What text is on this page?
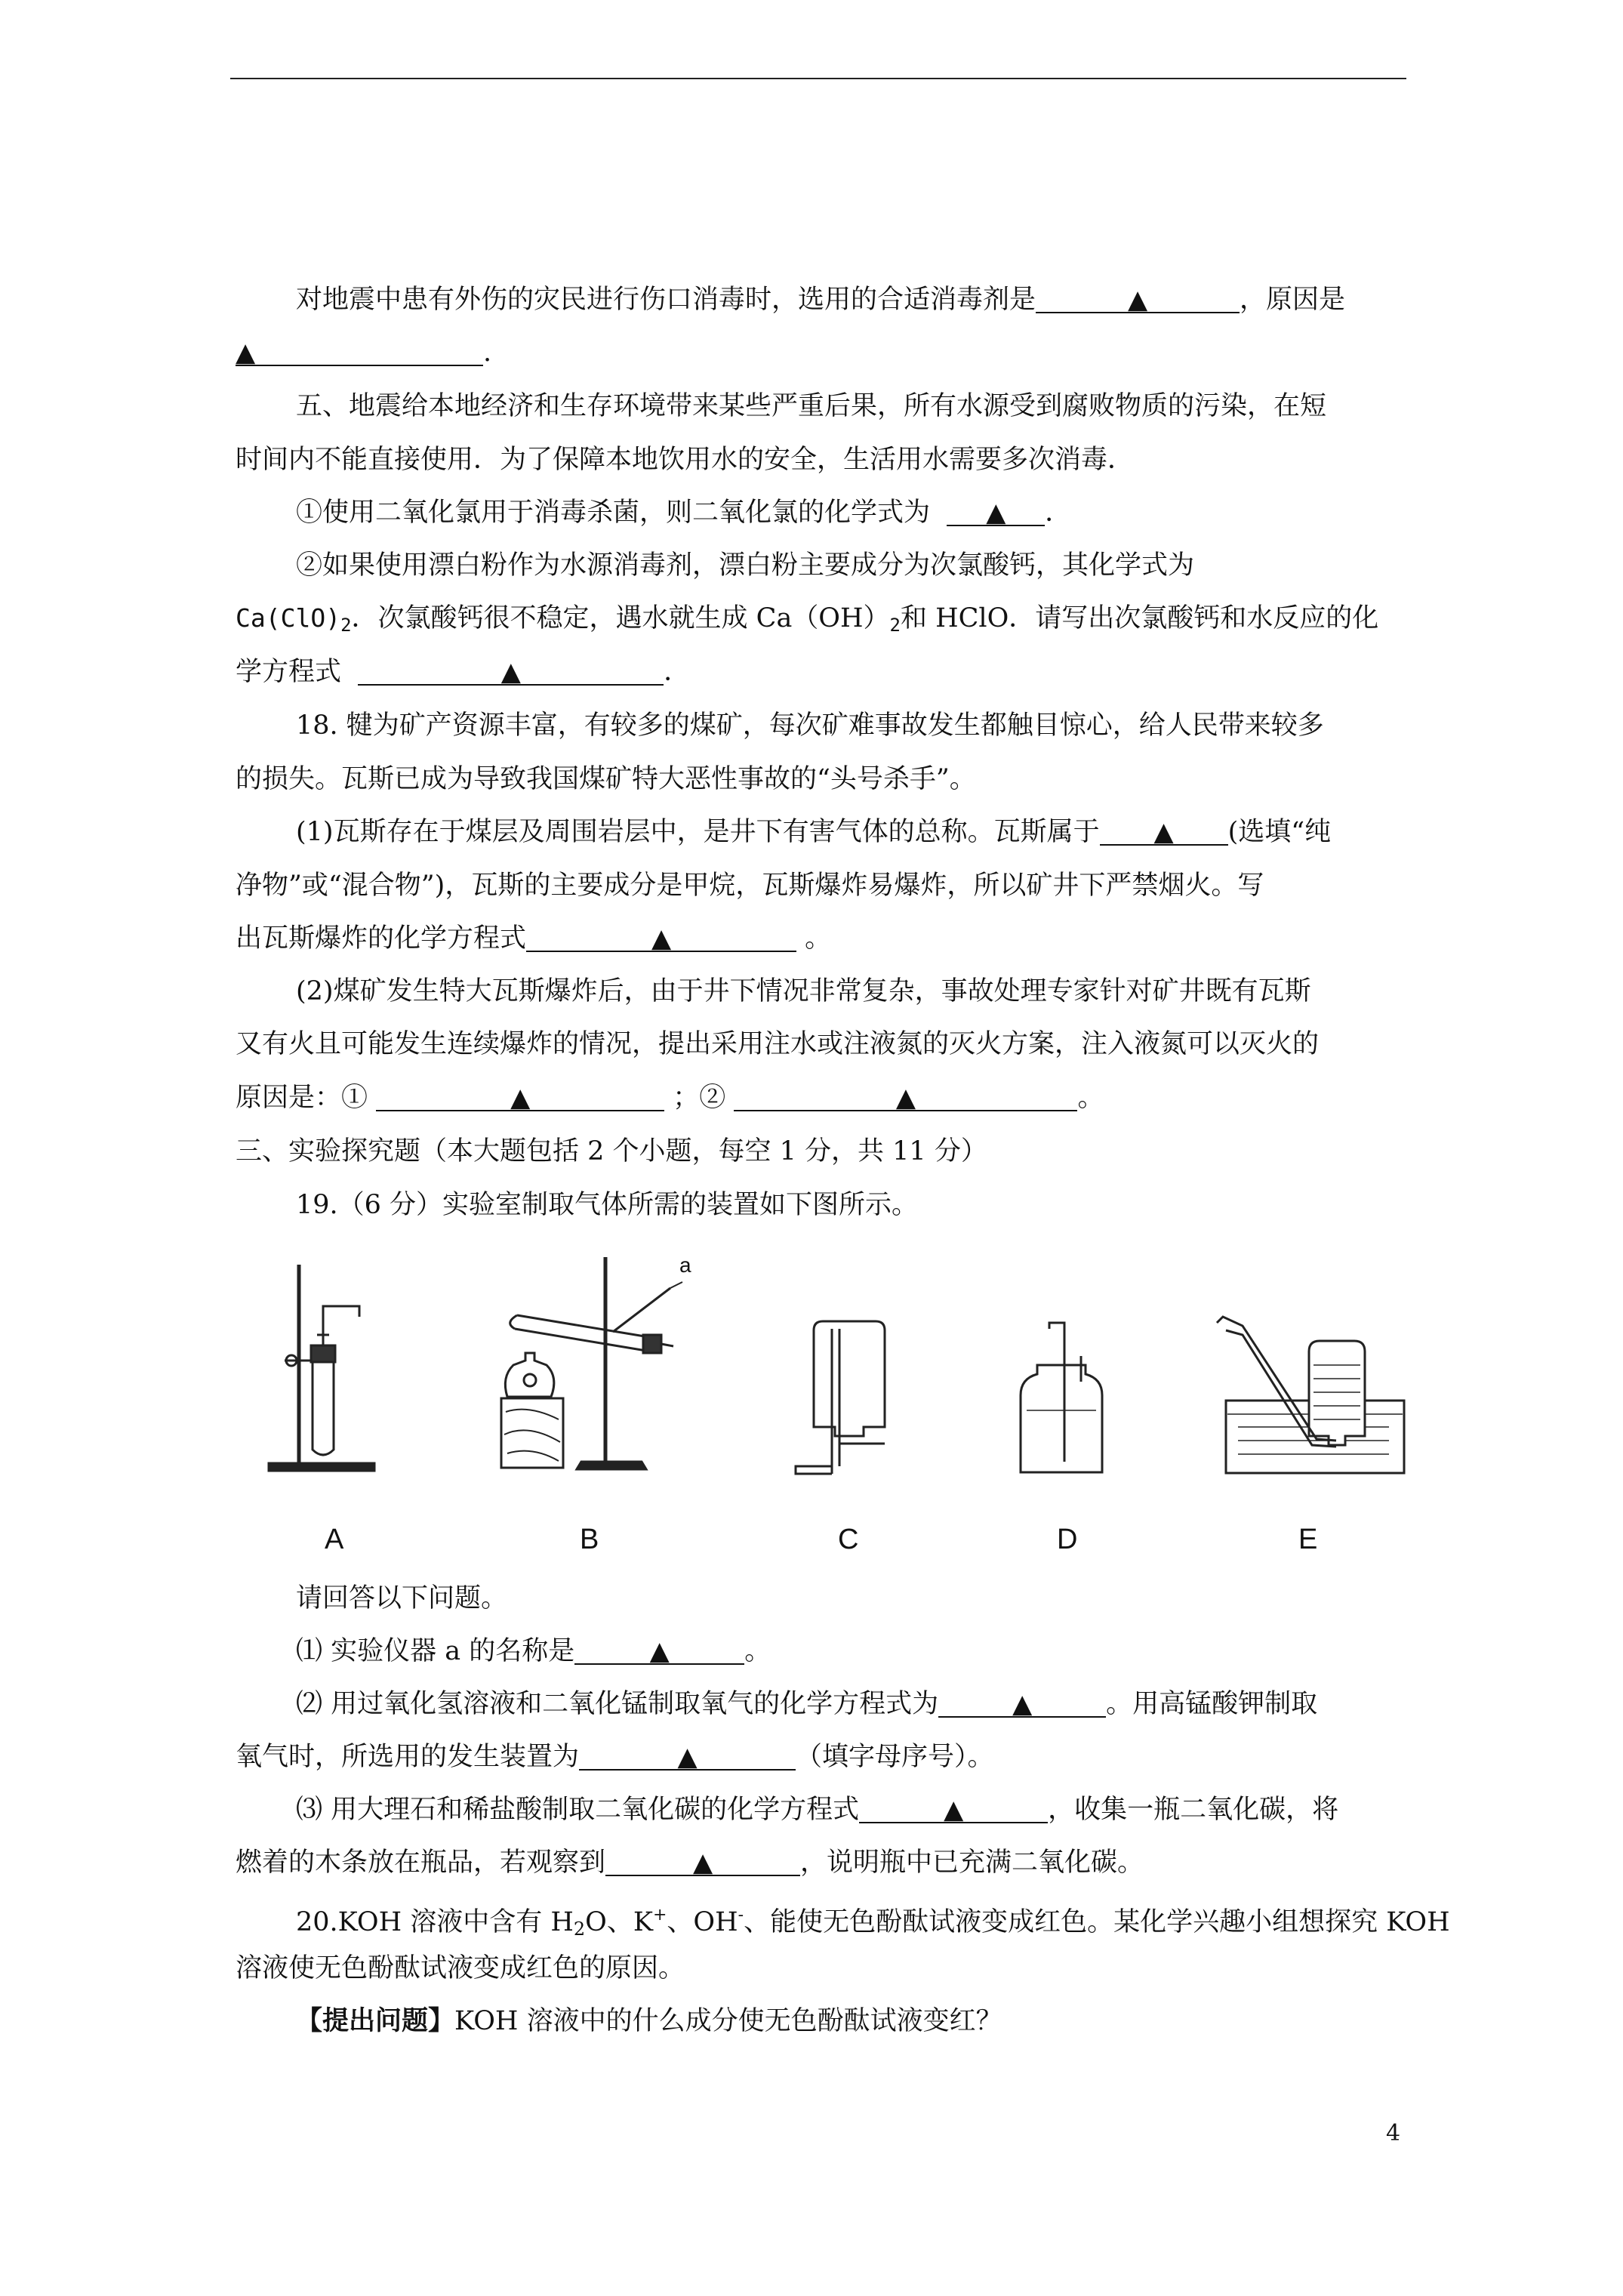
对地震中患有外伤的灾民进行伤口消毒时，选用的合适消毒剂是	▲	，原因是
▲	.
五、地震给本地经济和生存环境带来某些严重后果，所有水源受到腐败物质的污染，在短
时间内不能直接使用．为了保障本地饮用水的安全，生活用水需要多次消毒．
①使用二氧化氯用于消毒杀菌，则二氧化氯的化学式为 ▲ ．
②如果使用漂白粉作为水源消毒剂，漂白粉主要成分为次氯酸钙，其化学式为
$Ca(ClO)_2$．次氯酸钙很不稳定，遇水就生成 $Ca(OH)_2$和 HClO．请写出次氯酸钙和水反应的化
学方程式	▲	．
18. 犍为矿产资源丰富，有较多的煤矿，每次矿难事故发生都触目惊心，给人民带来较多
的损失。瓦斯已成为导致我国煤矿特大恶性事故的“头号杀手”。
(1)瓦斯存在于煤层及周围岩层中，是井下有害气体的总称。瓦斯属于 ▲ (选填“纯
净物”或“混合物”)，瓦斯的主要成分是甲烷，瓦斯爆炸易爆炸，所以矿井下严禁烟火。写
出瓦斯爆炸的化学方程式	▲	。
(2)煤矿发生特大瓦斯爆炸后，由于井下情况非常复杂，事故处理专家针对矿井既有瓦斯
又有火且可能发生连续爆炸的情况，提出采用注水或注液氮的灭火方案，注入液氮可以灭火的
原因是：①	▲	；②	▲	。
三、实验探究题（本大题包括 2 个小题，每空 1 分，共 11 分）
19.（6 分）实验室制取气体所需的装置如下图所示。
a
A	B	C	D	E
请回答以下问题。
⑴ 实验仪器 a 的名称是	▲	。
⑵ 用过氧化氢溶液和二氧化锰制取氧气的化学方程式为	▲	。用高锰酸钾制取
氧气时，所选用的发生装置为	▲	（填字母序号）。
⑶ 用大理石和稀盐酸制取二氧化碳的化学方程式	▲	，收集一瓶二氧化碳，将
燃着的木条放在瓶品，若观察到	▲	，说明瓶中已充满二氧化碳。
20.KOH 溶液中含有 $H_2O$、K+、OH-、能使无色酚酞试液变成红色。某化学兴趣小组想探究 KOH
溶液使无色酚酞试液变成红色的原因。
【提出问题】KOH 溶液中的什么成分使无色酚酞试液变红？
4
